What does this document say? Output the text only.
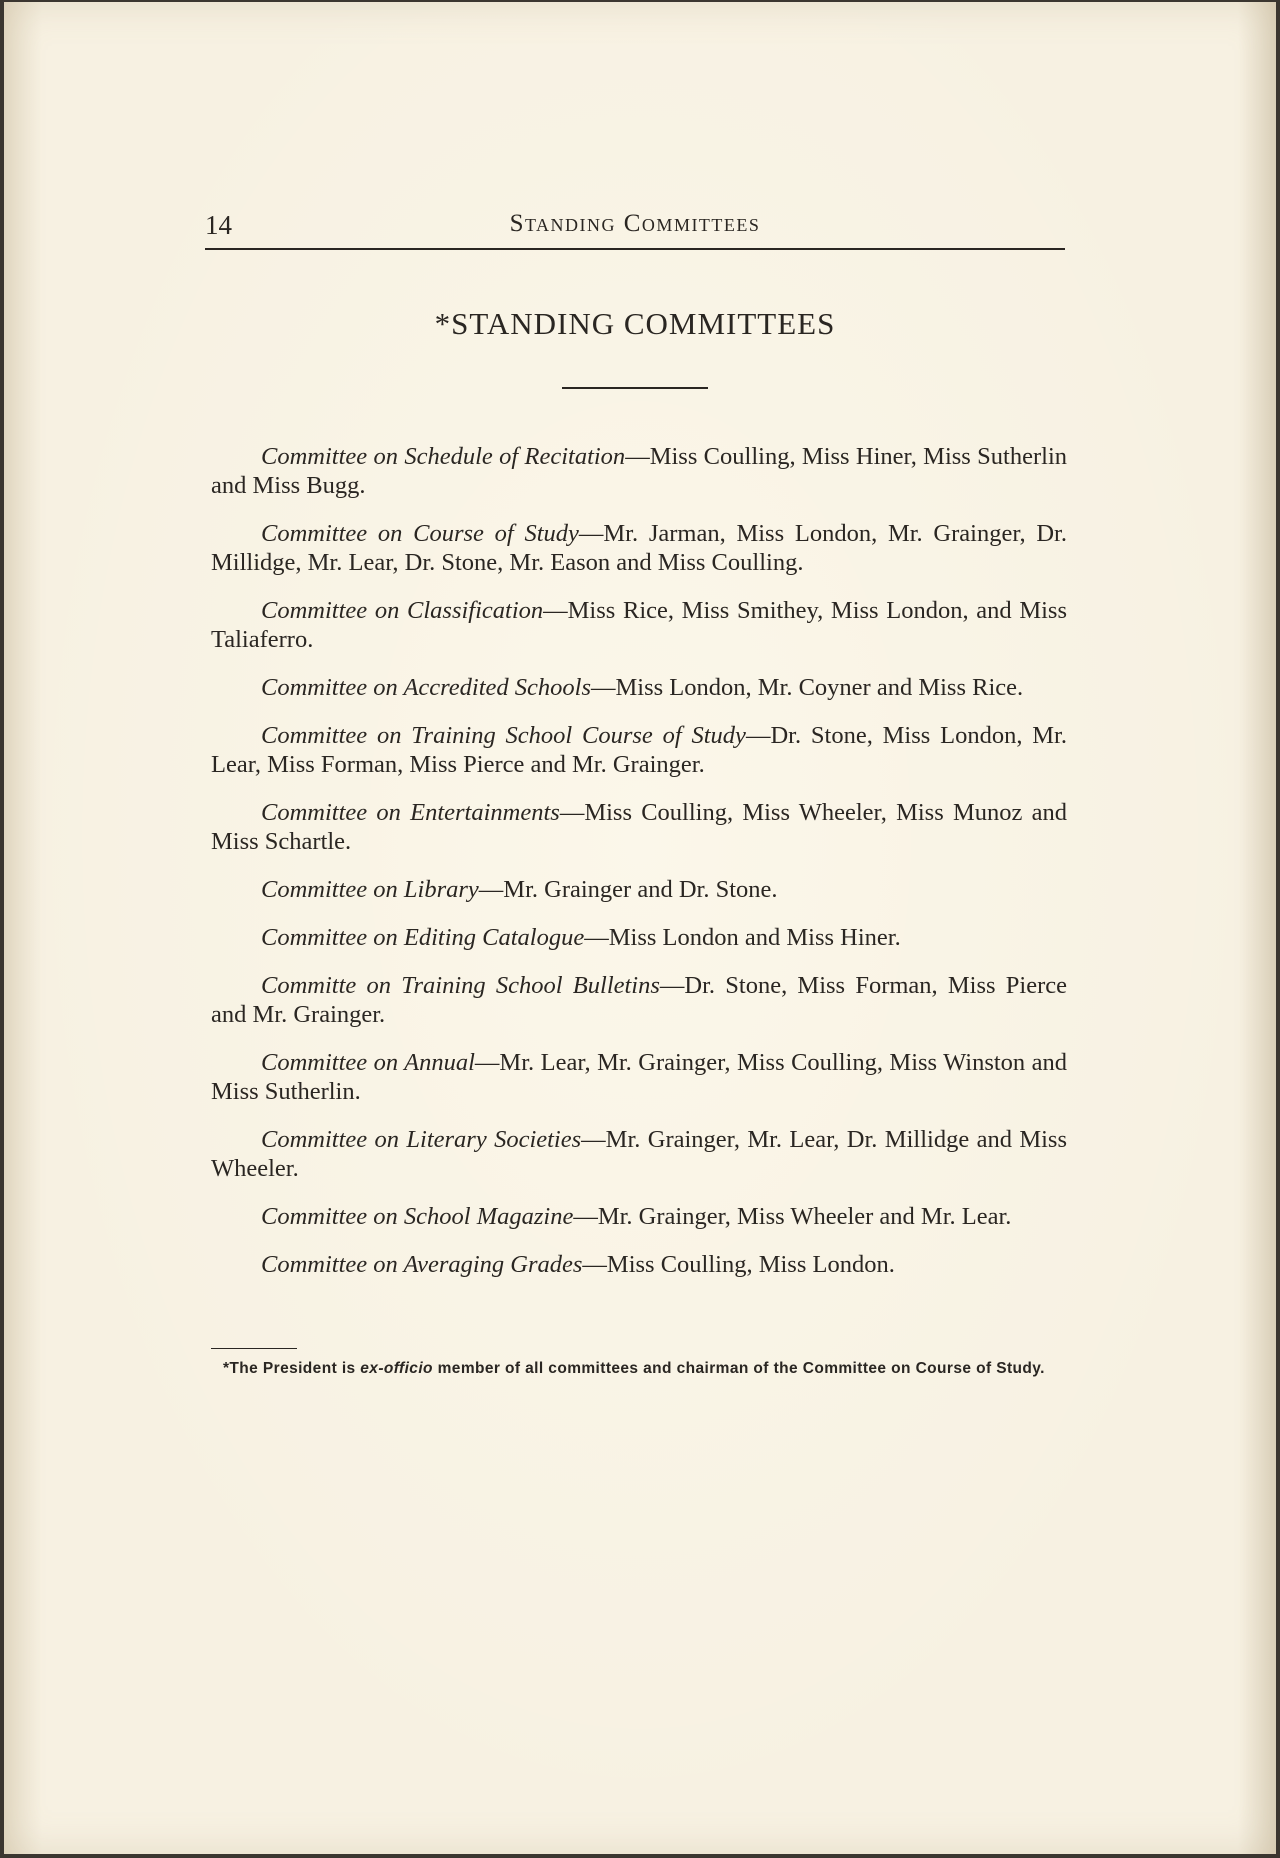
14	Standing Committees
*STANDING COMMITTEES

Committee on Schedule of Recitation—Miss Coulling, Miss Hiner, Miss Sutherlin and Miss Bugg.

Committee on Course of Study—Mr. Jarman, Miss London, Mr. Grainger, Dr. Millidge, Mr. Lear, Dr. Stone, Mr. Eason and Miss Coulling.

Committee on Classification—Miss Rice, Miss Smithey, Miss London, and Miss Taliaferro.

Committee on Accredited Schools—Miss London, Mr. Coyner and Miss Rice.

Committee on Training School Course of Study—Dr. Stone, Miss London, Mr. Lear, Miss Forman, Miss Pierce and Mr. Grainger.

Committee on Entertainments—Miss Coulling, Miss Wheeler, Miss Munoz and Miss Schartle.

Committee on Library—Mr. Grainger and Dr. Stone.

Committee on Editing Catalogue—Miss London and Miss Hiner.

Committe on Training School Bulletins—Dr. Stone, Miss Forman, Miss Pierce and Mr. Grainger.

Committee on Annual—Mr. Lear, Mr. Grainger, Miss Coulling, Miss Winston and Miss Sutherlin.

Committee on Literary Societies—Mr. Grainger, Mr. Lear, Dr. Millidge and Miss Wheeler.

Committee on School Magazine—Mr. Grainger, Miss Wheeler and Mr. Lear.

Committee on Averaging Grades—Miss Coulling, Miss London.

*The President is ex-officio member of all committees and chairman of the Committee on Course of Study.
